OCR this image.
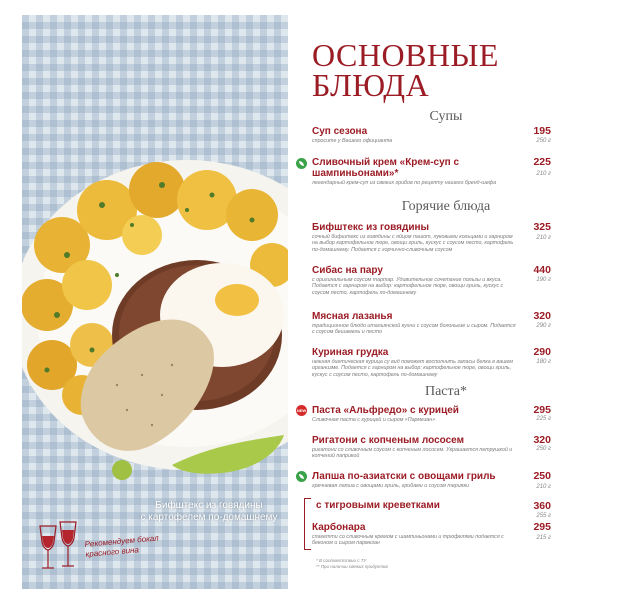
Бифштекс из говядины
с картофелем по-домашнему
Рекомендуем бокал красного вина
ОСНОВНЫЕ
БЛЮДА
Супы
Суп сезона
спросите у Вашего официанта
195
250 г
Сливочный крем «Крем-суп с шампиньонами»*
легендарный крем-суп из свежих грибов по рецепту нашего бренд-шефа
225
210 г
Горячие блюда
Бифштекс из говядины
сочный бифштекс из говядины с яйцом пашот, луковыми кольцами и гарниром на выбор картофельное пюре, овощи гриль, кускус с соусом песто, картофель по-домашнему. Подается с горчично-сливочным соусом
325
210 г
Сибас на пару
с оригинальным соусом тартар. Удивительное сочетание пользы и вкуса. Подается с гарниром на выбор: картофельное пюре, овощи гриль, кускус с соусом песто, картофель по-домашнему
440
190 г
Мясная лазанья
традиционное блюдо итальянской кухни с соусом болоньезе и сыром. Подается с соусом бешамель и песто
320
290 г
Куриная грудка
нежная диетическая курица су вид поможет восполнить запасы белка в вашем организме. Подается с гарниром на выбор: картофельное пюре, овощи гриль, кускус с соусом песто, картофель по-домашнему
290
180 г
Паста*
NEW Паста «Альфредо» с курицей
Сливочная паста с курицей и сыром «Пармезан»
295
225 г
Ригатони с копченым лососем
ригатони со сливочным соусом с копченым лососем. Украшается петрушкой и копченой паприкой
320
250 г
Лапша по-азиатски с овощами гриль
гречневая лапша с овощами гриль, грибами и соусом терияки
250
210 г
с тигровыми креветками	360
255 г
Карбонара
спагетти со сливочным кремом с шампиньонами и трюфелями подается с беконом и сыром пармезан
295
215 г
* В соответствии с ТУ
** При наличии свежих продуктов
